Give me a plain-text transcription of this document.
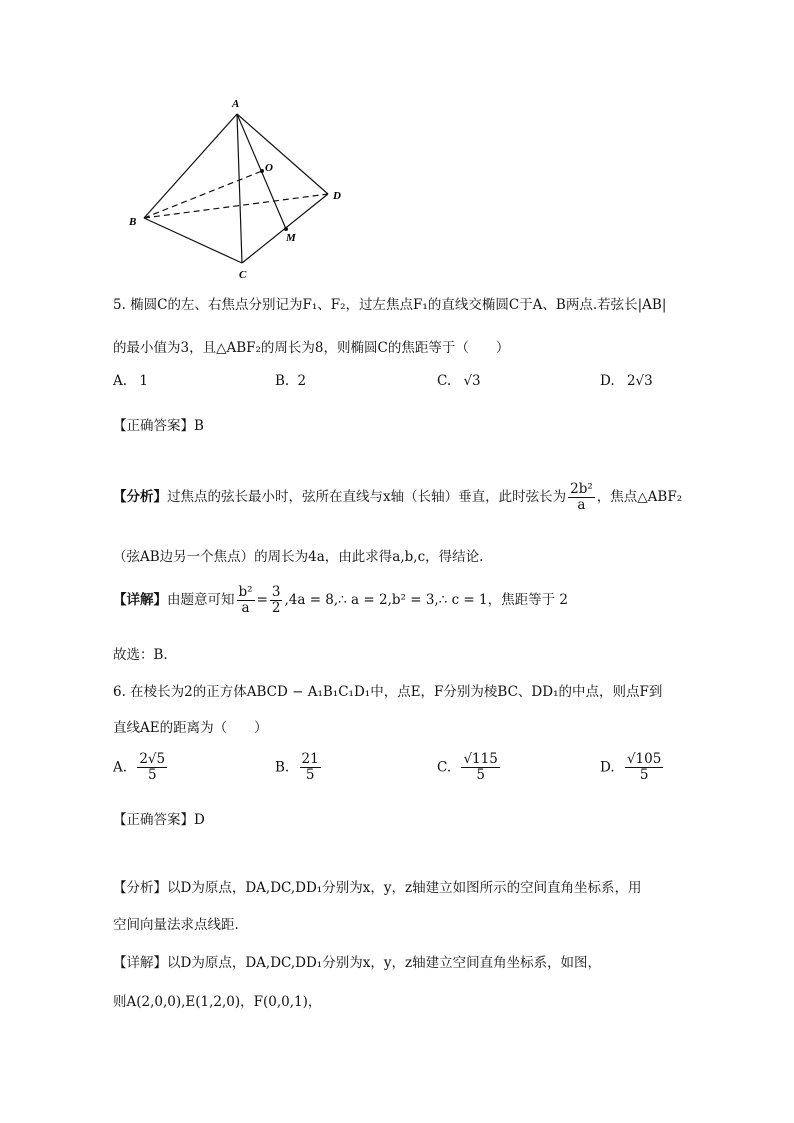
A
O
B
D
M
C
5. 椭圆C的左、右焦点分别记为F₁、F₂，过左焦点F₁的直线交椭圆C于A、B两点.若弦长|AB|
的最小值为3，且△ABF₂的周长为8，则椭圆C的焦距等于（　　）
A. 1	B. 2	C. √3	D. 2√3
【正确答案】B
【分析】过焦点的弦长最小时，弦所在直线与x轴（长轴）垂直，此时弦长为 $\frac{\text{2b²}}{a}$ ，焦点△ABF₂
（弦AB边另一个焦点）的周长为4a，由此求得a,b,c，得结论.
【详解】由题意可知 $\frac{\text{b²}}{a} = \frac{3}{2} ,4a$ = 8,∴ a = 2,b² = 3,∴ c = 1，焦距等于 2
故选：B.
6. 在棱长为2的正方体ABCD − A₁B₁C₁D₁中，点E，F分别为棱BC、DD₁的中点，则点F到
直线AE的距离为（　　）
A. $\frac{2√5}{5}$	B. $\frac{21}{5}$	C. $\frac{√115}{5}$	D. $\frac{√105}{5}$
【正确答案】D
【分析】以D为原点，DA,DC,DD₁分别为x，y，z轴建立如图所示的空间直角坐标系，用
空间向量法求点线距.
【详解】以D为原点，DA,DC,DD₁分别为x，y，z轴建立空间直角坐标系，如图，
则A(2,0,0),E(1,2,0)，F(0,0,1)，
